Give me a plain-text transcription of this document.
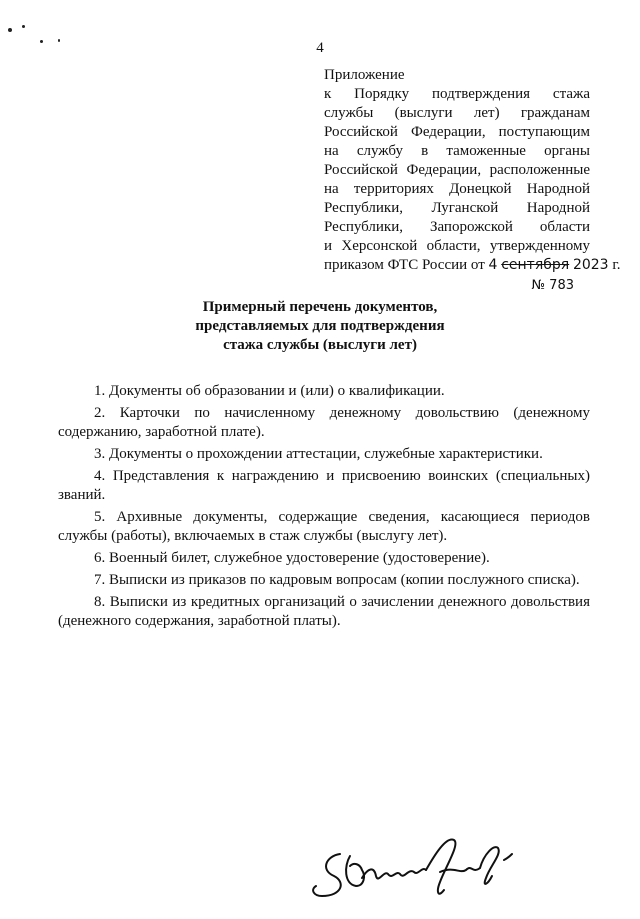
4
Приложение
к Порядку подтверждения стажа
службы (выслуги лет) гражданам
Российской Федерации, поступающим
на службу в таможенные органы
Российской Федерации, расположенные
на территориях Донецкой Народной
Республики, Луганской Народной
Республики, Запорожской области
и Херсонской области, утвержденному
приказом ФТС России от 4 сентября 2023 г.
№ 783
Примерный перечень документов,
представляемых для подтверждения
стажа службы (выслуги лет)

1. Документы об образовании и (или) о квалификации.

2. Карточки по начисленному денежному довольствию (денежному содержанию, заработной плате).

3. Документы о прохождении аттестации, служебные характеристики.

4. Представления к награждению и присвоению воинских (специальных) званий.

5. Архивные документы, содержащие сведения, касающиеся периодов службы (работы), включаемых в стаж службы (выслугу лет).

6. Военный билет, служебное удостоверение (удостоверение).

7. Выписки из приказов по кадровым вопросам (копии послужного списка).

8. Выписки из кредитных организаций о зачислении денежного довольствия (денежного содержания, заработной платы).
